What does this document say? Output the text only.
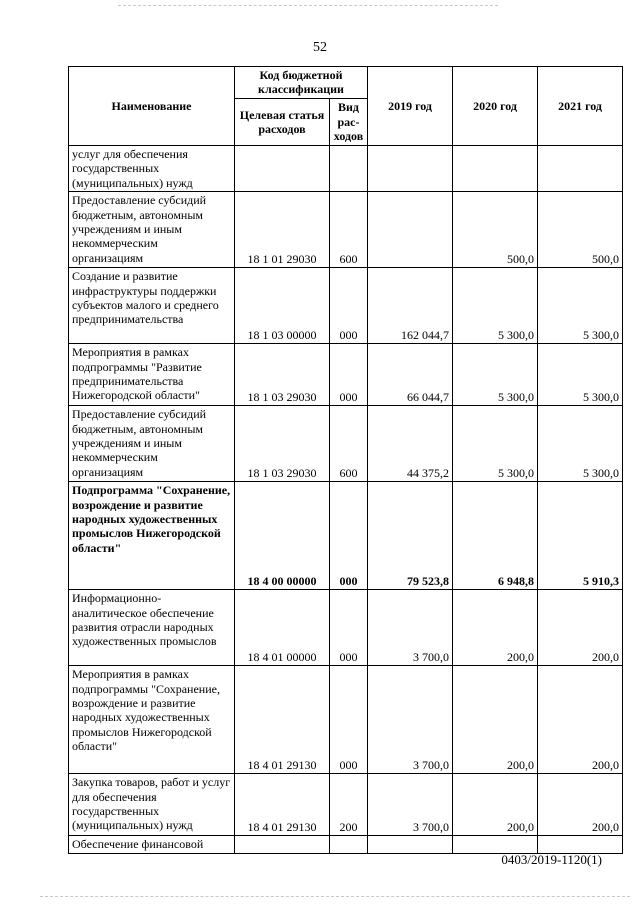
52
Наименование	Код бюджетной классификации		2019 год	2020 год	2021 год
	Целевая статья расходов	Вид рас-ходов			
услуг для обеспечения государственных (муниципальных) нужд					
Предоставление субсидий бюджетным, автономным учреждениям и иным некоммерческим организациям	18 1 01 29030	600		500,0	500,0
Создание и развитие инфраструктуры поддержки субъектов малого и среднего предпринимательства	18 1 03 00000	000	162 044,7	5 300,0	5 300,0
Мероприятия в рамках подпрограммы "Развитие предпринимательства Нижегородской области"	18 1 03 29030	000	66 044,7	5 300,0	5 300,0
Предоставление субсидий бюджетным, автономным учреждениям и иным некоммерческим организациям	18 1 03 29030	600	44 375,2	5 300,0	5 300,0
Подпрограмма "Сохранение, возрождение и развитие народных художественных промыслов Нижегородской области"	18 4 00 00000	000	79 523,8	6 948,8	5 910,3
Информационно-аналитическое обеспечение развития отрасли народных художественных промыслов	18 4 01 00000	000	3 700,0	200,0	200,0
Мероприятия в рамках подпрограммы "Сохранение, возрождение и развитие народных художественных промыслов Нижегородской области"	18 4 01 29130	000	3 700,0	200,0	200,0
Закупка товаров, работ и услуг для обеспечения государственных (муниципальных) нужд	18 4 01 29130	200	3 700,0	200,0	200,0
Обеспечение финансовой					
0403/2019-1120(1)
